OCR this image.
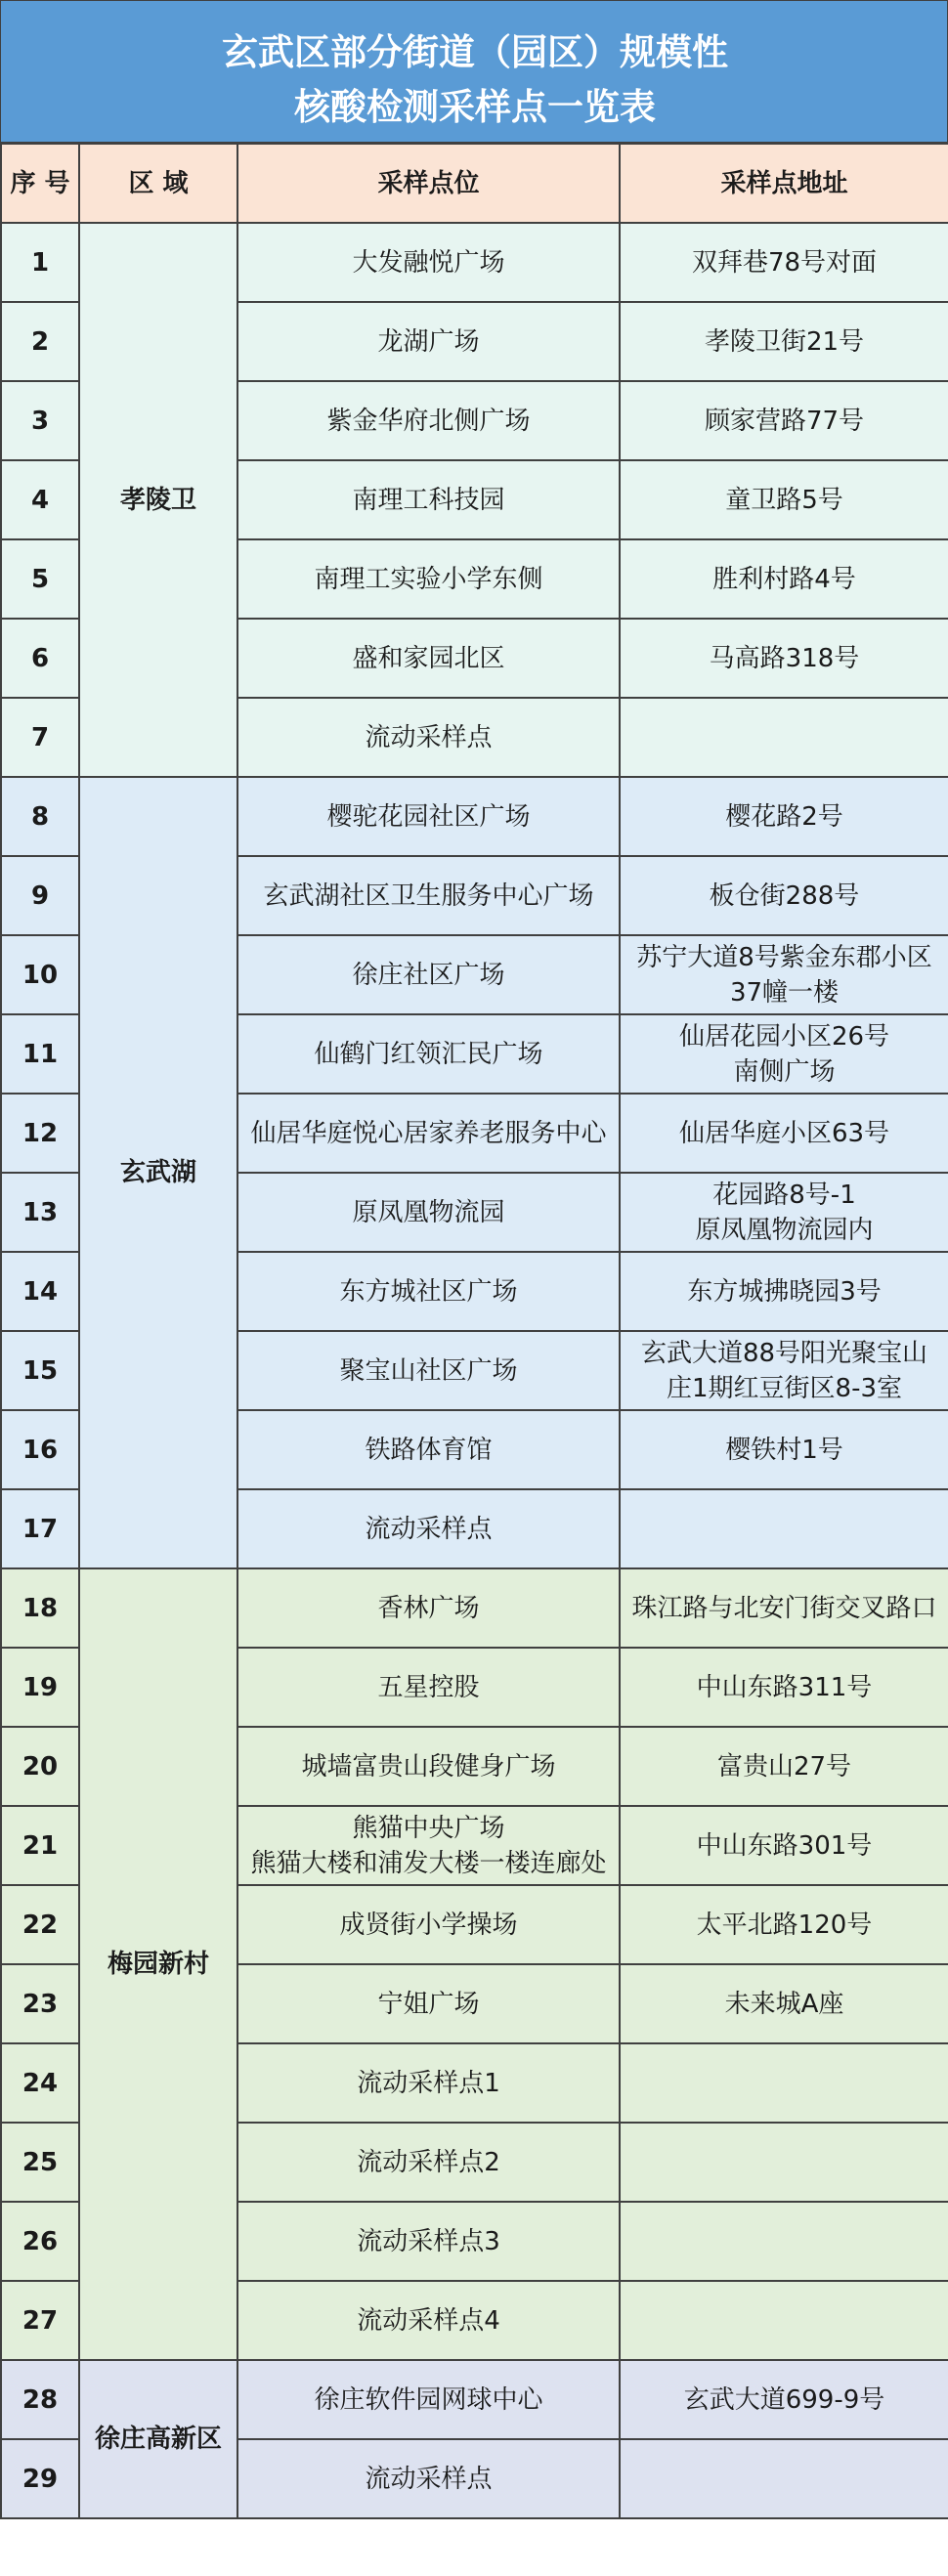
玄武区部分街道（园区）规模性
核酸检测采样点一览表
序 号	区 域	采样点位	采样点地址
1	孝陵卫	大发融悦广场	双拜巷78号对面

2		龙湖广场	孝陵卫街21号

3		紫金华府北侧广场	顾家营路77号

4		南理工科技园	童卫路5号

5		南理工实验小学东侧	胜利村路4号

6		盛和家园北区	马高路318号

7		流动采样点	
8	玄武湖	樱驼花园社区广场	樱花路2号

9		玄武湖社区卫生服务中心广场	板仓街288号

10		徐庄社区广场	苏宁大道8号紫金东郡小区
37幢一楼

11		仙鹤门红领汇民广场	仙居花园小区26号
南侧广场

12		仙居华庭悦心居家养老服务中心	仙居华庭小区63号

13		原凤凰物流园	花园路8号-1
原凤凰物流园内

14		东方城社区广场	东方城拂晓园3号

15		聚宝山社区广场	玄武大道88号阳光聚宝山
庄1期红豆街区8-3室

16		铁路体育馆	樱铁村1号

17		流动采样点	
18	梅园新村	香林广场	珠江路与北安门街交叉路口

19		五星控股	中山东路311号

20		城墙富贵山段健身广场	富贵山27号

21		熊猫中央广场
熊猫大楼和浦发大楼一楼连廊处	中山东路301号

22		成贤街小学操场	太平北路120号

23		宁姐广场	未来城A座

24		流动采样点1	
25		流动采样点2	
26		流动采样点3	
27		流动采样点4	
28	徐庄高新区	徐庄软件园网球中心	玄武大道699-9号

29		流动采样点	
